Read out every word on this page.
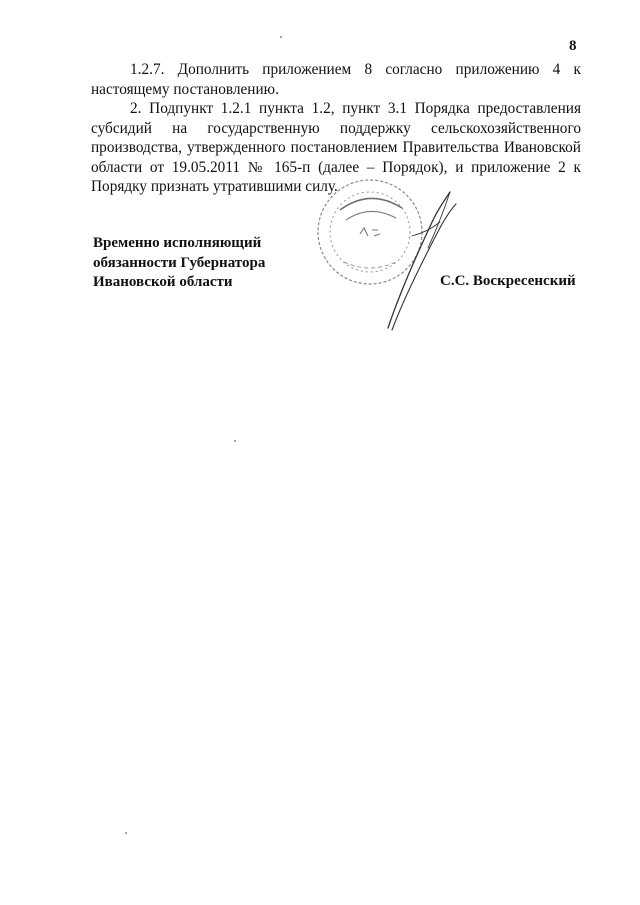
8

1.2.7. Дополнить приложением 8 согласно приложению 4 к настоящему постановлению.

2. Подпункт 1.2.1 пункта 1.2, пункт 3.1 Порядка предоставления субсидий на государственную поддержку сельскохозяйственного производства, утвержденного постановлением Правительства Ивановской области от 19.05.2011 № 165-п (далее – Порядок), и приложение 2 к Порядку признать утратившими силу.

Временно исполняющий
обязанности Губернатора
Ивановской области	С.С. Воскресенский
